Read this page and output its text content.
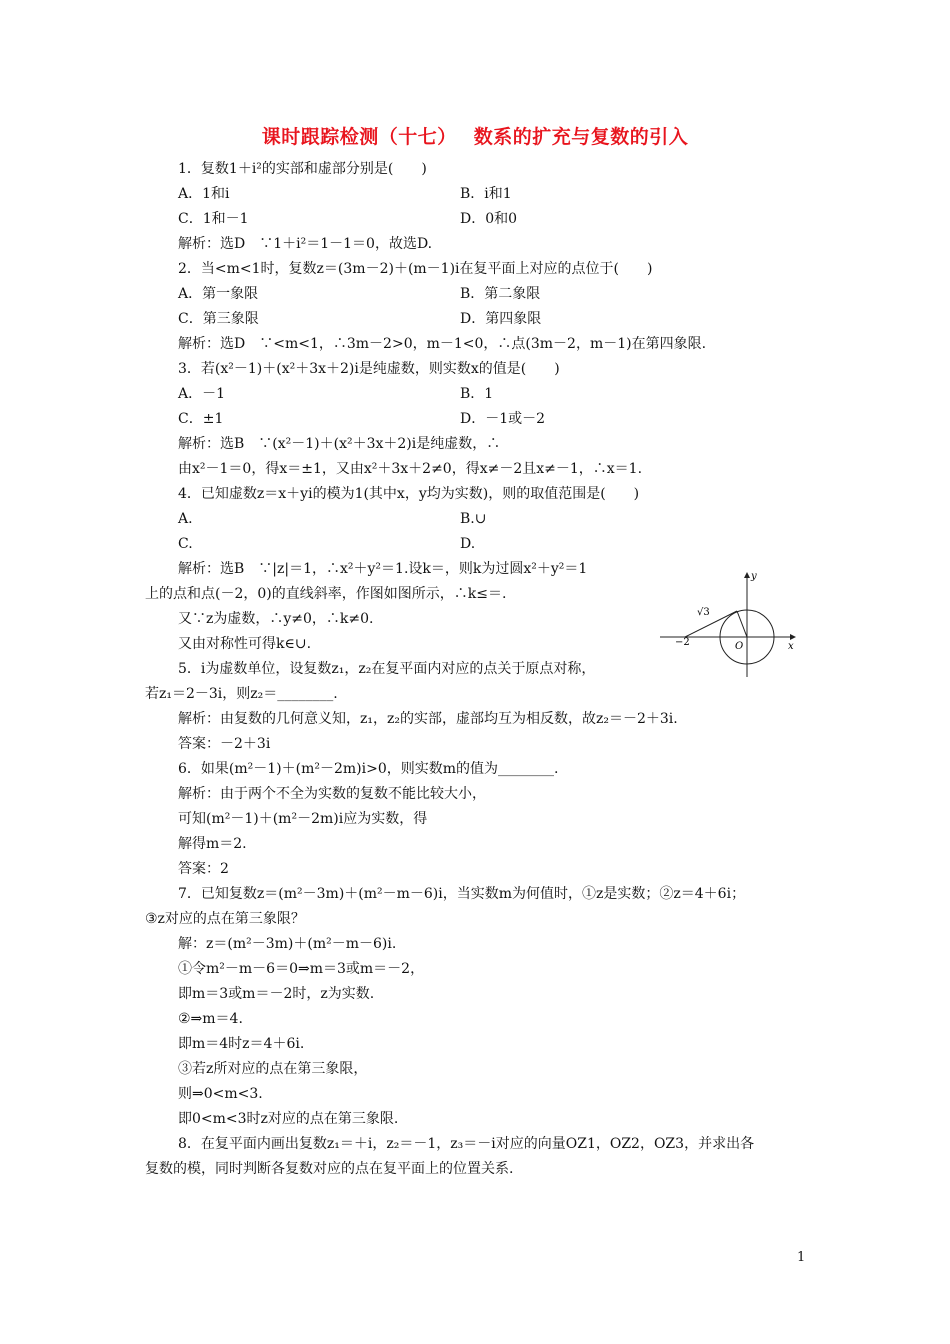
课时跟踪检测（十七）　 数系的扩充与复数的引入
1．复数1＋i²的实部和虚部分别是(　　)
A．1和i	B．i和1
C．1和－1	D．0和0
解析：选D　∵1＋i²＝1－1＝0，故选D.
2．当<m<1时，复数z＝(3m－2)＋(m－1)i在复平面上对应的点位于(　　)
A．第一象限	B．第二象限
C．第三象限	D．第四象限
解析：选D　∵<m<1，∴3m－2>0，m－1<0，∴点(3m－2，m－1)在第四象限.
3．若(x²－1)＋(x²＋3x＋2)i是纯虚数，则实数x的值是(　　)
A．－1	B．1
C．±1	D．－1或－2
解析：选B　∵(x²－1)＋(x²＋3x＋2)i是纯虚数，∴
由x²－1＝0，得x＝±1，又由x²＋3x＋2≠0，得x≠－2且x≠－1，∴x＝1.
4．已知虚数z＝x＋yi的模为1(其中x，y均为实数)，则的取值范围是(　　)
A.	B.∪
C.	D.
解析：选B　∵|z|＝1，∴x²＋y²＝1.设k＝，则k为过圆x²＋y²＝1
上的点和点(－2，0)的直线斜率，作图如图所示，∴k≤＝.
又∵z为虚数，∴y≠0，∴k≠0.
又由对称性可得k∈∪.
5．i为虚数单位，设复数z₁，z₂在复平面内对应的点关于原点对称，
若z₁＝2－3i，则z₂＝________.
解析：由复数的几何意义知，z₁，z₂的实部，虚部均互为相反数，故z₂＝－2＋3i.
答案：－2＋3i
6．如果(m²－1)＋(m²－2m)i>0，则实数m的值为________.
解析：由于两个不全为实数的复数不能比较大小，
可知(m²－1)＋(m²－2m)i应为实数，得
解得m＝2.
答案：2
7．已知复数z＝(m²－3m)＋(m²－m－6)i，当实数m为何值时，①z是实数；②z＝4＋6i；
③z对应的点在第三象限？
解：z＝(m²－3m)＋(m²－m－6)i.
①令m²－m－6＝0⇒m＝3或m＝－2，
即m＝3或m＝－2时，z为实数.
②⇒m＝4.
即m＝4时z＝4＋6i.
③若z所对应的点在第三象限，
则⇒0<m<3.
即0<m<3时z对应的点在第三象限.
8．在复平面内画出复数z₁＝＋i，z₂＝－1，z₃＝－i对应的向量OZ1，OZ2，OZ3，并求出各
复数的模，同时判断各复数对应的点在复平面上的位置关系.
y
x
O
−2
√3
1
